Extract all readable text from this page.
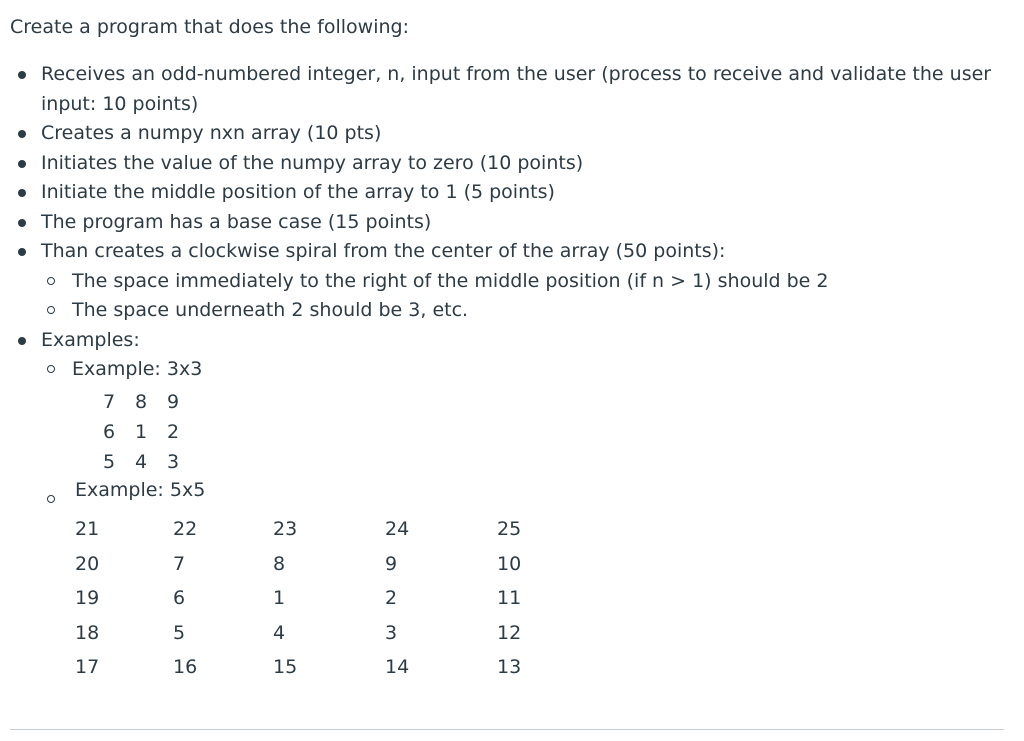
Create a program that does the following:

Receives an odd-numbered integer, n, input from the user (process to receive and validate the user input: 10 points)
Creates a numpy nxn array (10 pts)
Initiates the value of the numpy array to zero (10 points)
Initiate the middle position of the array to 1 (5 points)
The program has a base case (15 points)
Than creates a clockwise spiral from the center of the array (50 points):
The space immediately to the right of the middle position (if n > 1) should be 2
The space underneath 2 should be 3, etc.
Examples:
Example: 3x3
7 8 9
6 1 2
5 4 3
Example: 5x5
21	22	23	24	25
20	7	8	9	10
19	6	1	2	11
18	5	4	3	12
17	16	15	14	13
